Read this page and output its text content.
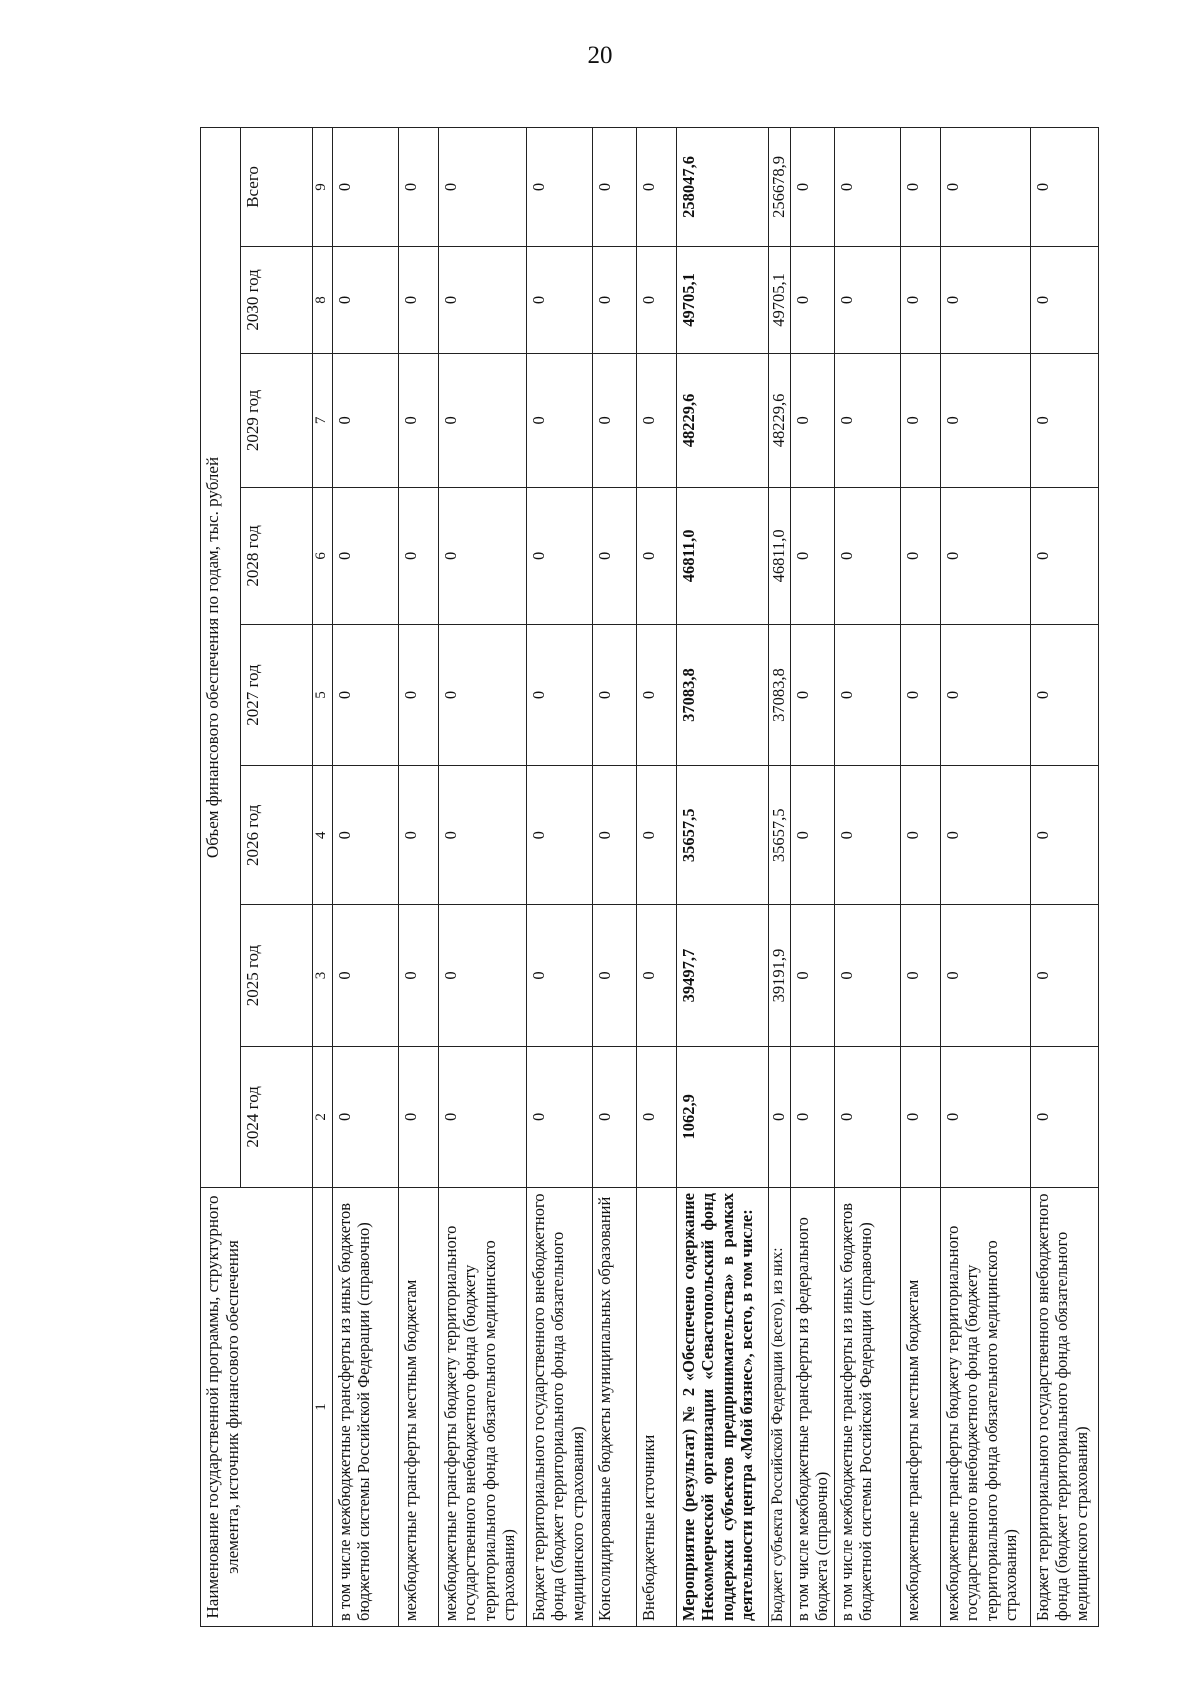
20
Наименование государственной программы, структурного элемента, источник финансового обеспечения	Объем финансового обеспечения по годам, тыс. рублей							
	2024 год	2025 год	2026 год	2027 год	2028 год	2029 год	2030 год	Всего
1	2	3	4	5	6	7	8	9
в том числе межбюджетные трансферты из иных бюджетов бюджетной системы Российской Федерации (справочно)	0	0	0	0	0	0	0	0
межбюджетные трансферты местным бюджетам	0	0	0	0	0	0	0	0
межбюджетные трансферты бюджету территориального государственного внебюджетного фонда (бюджету территориального фонда обязательного медицинского страхования)	0	0	0	0	0	0	0	0
Бюджет территориального государственного внебюджетного фонда (бюджет территориального фонда обязательного медицинского страхования)	0	0	0	0	0	0	0	0
Консолидированные бюджеты муниципальных образований	0	0	0	0	0	0	0	0
Внебюджетные источники	0	0	0	0	0	0	0	0
Мероприятие (результат) № 2 «Обеспечено содержание Некоммерческой организации «Севастопольский фонд поддержки субъектов предпринимательства» в рамках деятельности центра «Мой бизнес», всего, в том числе:	1062,9	39497,7	35657,5	37083,8	46811,0	48229,6	49705,1	258047,6
Бюджет субъекта Российской Федерации (всего), из них:	0	39191,9	35657,5	37083,8	46811,0	48229,6	49705,1	256678,9
в том числе межбюджетные трансферты из федерального бюджета (справочно)	0	0	0	0	0	0	0	0
в том числе межбюджетные трансферты из иных бюджетов бюджетной системы Российской Федерации (справочно)	0	0	0	0	0	0	0	0
межбюджетные трансферты местным бюджетам	0	0	0	0	0	0	0	0
межбюджетные трансферты бюджету территориального государственного внебюджетного фонда (бюджету территориального фонда обязательного медицинского страхования)	0	0	0	0	0	0	0	0
Бюджет территориального государственного внебюджетного фонда (бюджет территориального фонда обязательного медицинского страхования)	0	0	0	0	0	0	0	0
